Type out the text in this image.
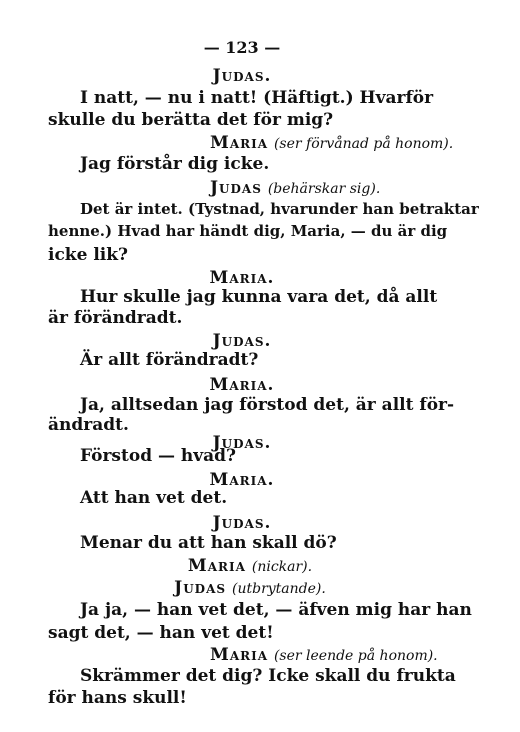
— 123 —
Judas.
I natt, — nu i natt! (Häftigt.) Hvarför
skulle du berätta det för mig?
Maria (ser förvånad på honom).
Jag förstår dig icke.
Judas (behärskar sig).
Det är intet. (Tystnad, hvarunder han betraktar
henne.) Hvad har händt dig, Maria, — du är dig
icke lik?
Maria.
Hur skulle jag kunna vara det, då allt
är förändradt.
Judas.
Är allt förändradt?
Maria.
Ja, alltsedan jag förstod det, är allt för-
ändradt.
Judas.
Förstod — hvad?
Maria.
Att han vet det.
Judas.
Menar du att han skall dö?
Maria (nickar).
Judas (utbrytande).
Ja ja, — han vet det, — äfven mig har han
sagt det, — han vet det!
Maria (ser leende på honom).
Skrämmer det dig? Icke skall du frukta
för hans skull!
